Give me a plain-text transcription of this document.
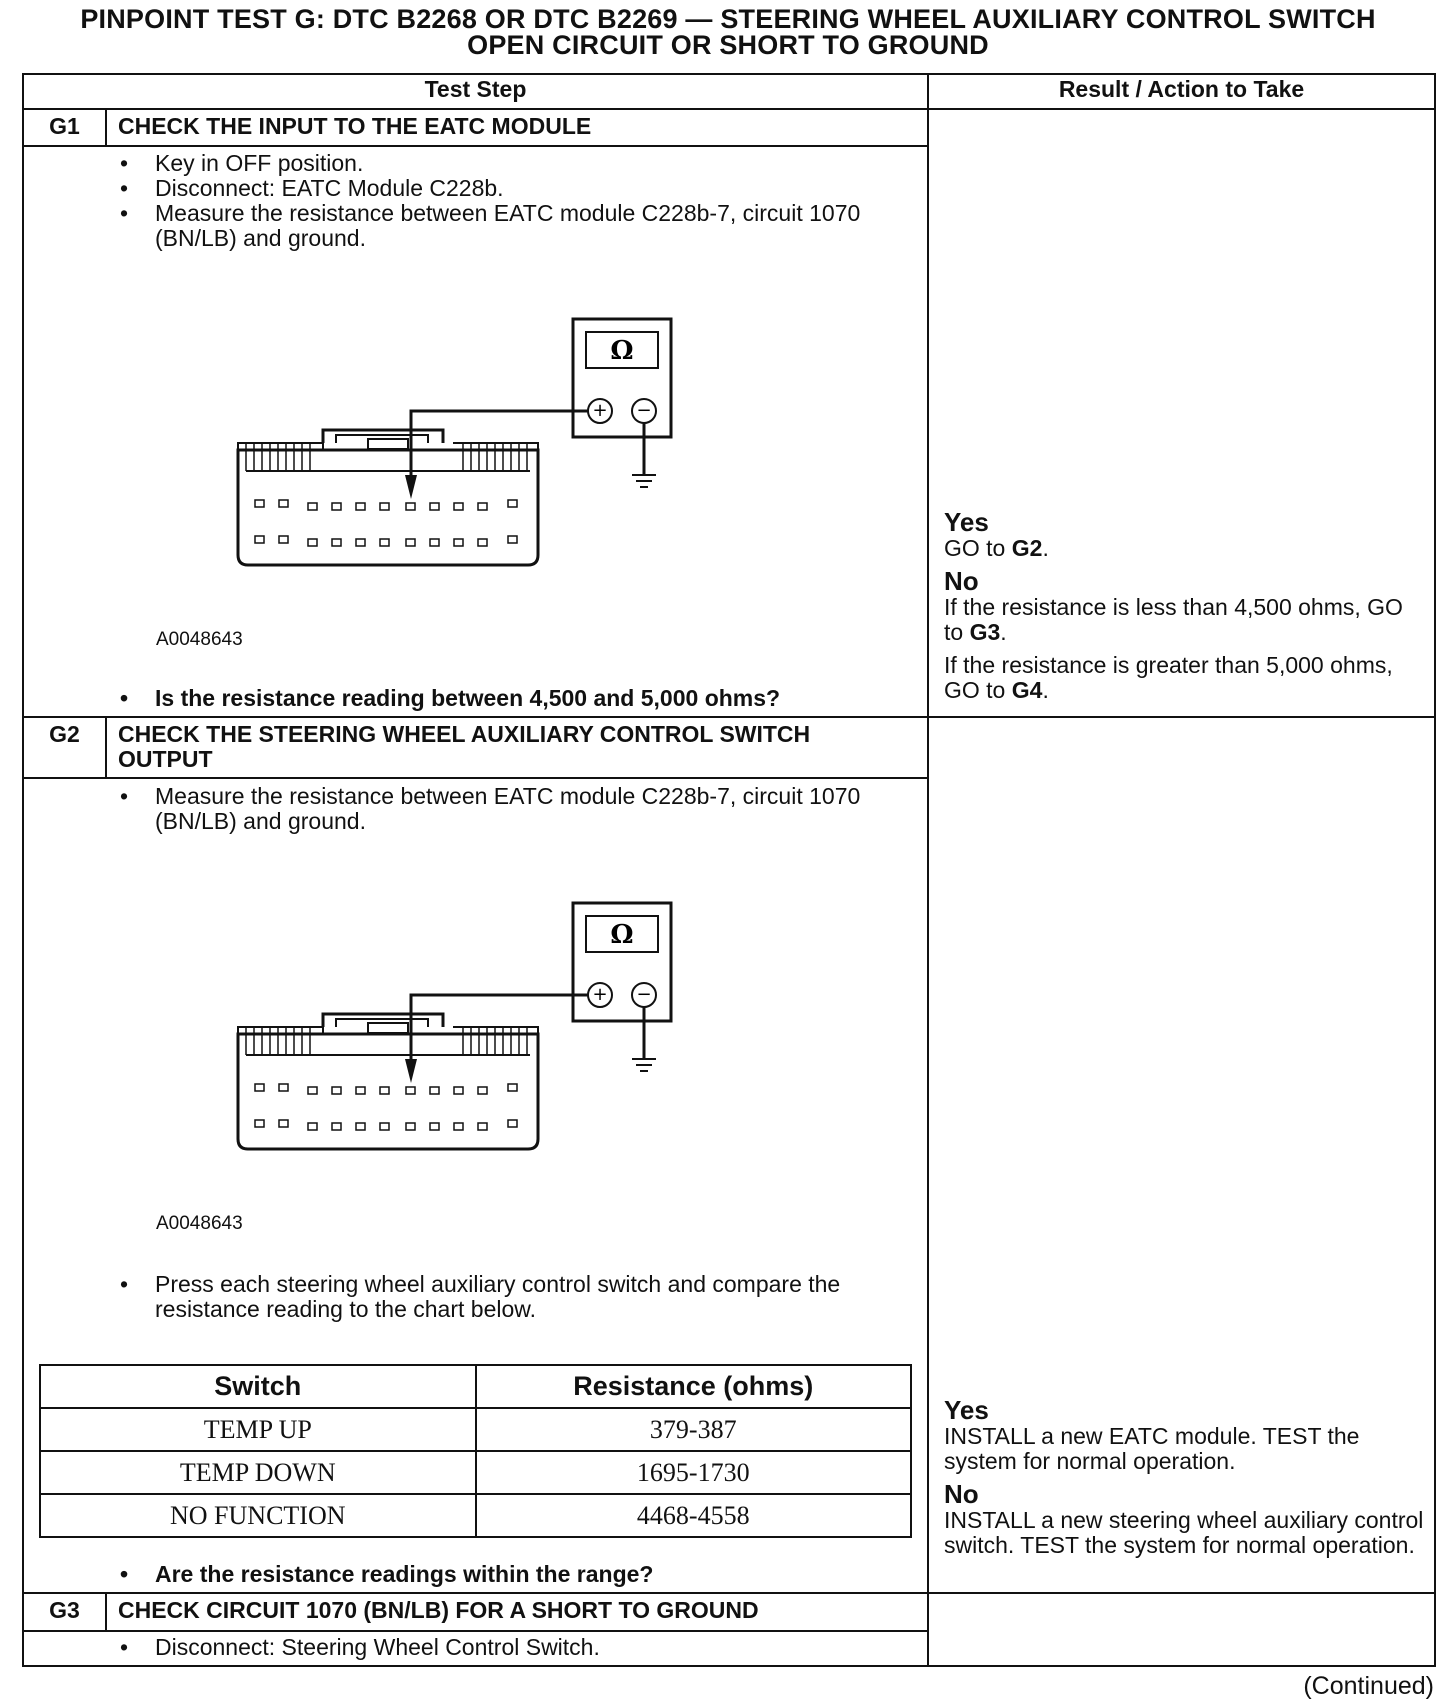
PINPOINT TEST G: DTC B2268 OR DTC B2269 — STEERING WHEEL AUXILIARY CONTROL SWITCH
OPEN CIRCUIT OR SHORT TO GROUND
Test Step	Result / Action to Take
G1	CHECK THE INPUT TO THE EATC MODULE
• Key in OFF position.
• Disconnect: EATC Module C228b.
• Measure the resistance between EATC module C228b-7, circuit 1070 (BN/LB) and ground.
+ −
Ω
A0048643
• Is the resistance reading between 4,500 and 5,000 ohms?
Yes
GO to G2.
No
If the resistance is less than 4,500 ohms, GO to G3.
If the resistance is greater than 5,000 ohms, GO to G4.
G2	CHECK THE STEERING WHEEL AUXILIARY CONTROL SWITCH
OUTPUT
• Measure the resistance between EATC module C228b-7, circuit 1070 (BN/LB) and ground.
+ −
Ω
A0048643
• Press each steering wheel auxiliary control switch and compare the resistance reading to the chart below.
Switch	Resistance (ohms)
TEMP UP	379-387
TEMP DOWN	1695-1730
NO FUNCTION	4468-4558
• Are the resistance readings within the range?
Yes
INSTALL a new EATC module. TEST the system for normal operation.
No
INSTALL a new steering wheel auxiliary control switch. TEST the system for normal operation.
G3	CHECK CIRCUIT 1070 (BN/LB) FOR A SHORT TO GROUND
• Disconnect: Steering Wheel Control Switch.
(Continued)
